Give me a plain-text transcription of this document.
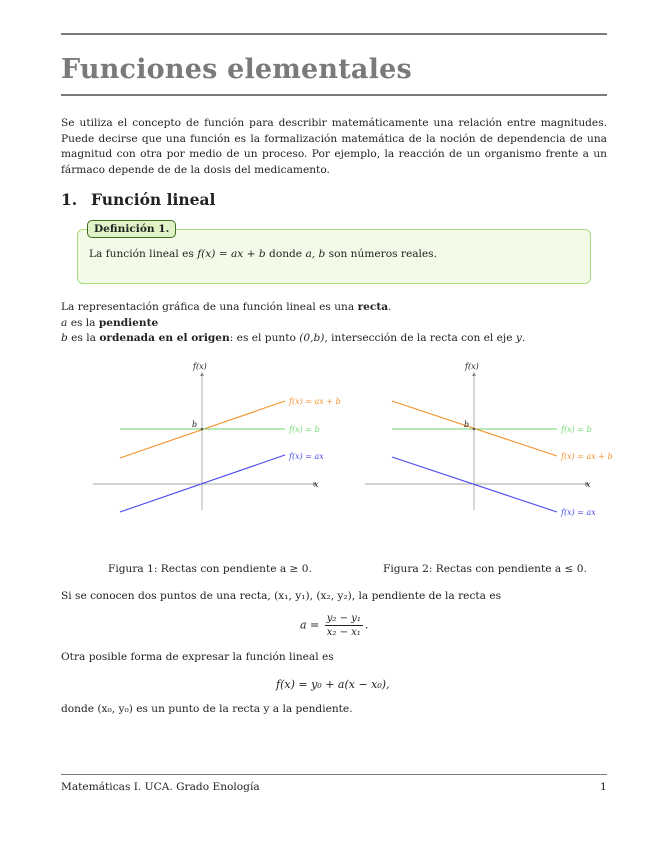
Funciones elementales

Se utiliza el concepto de función para describir matemáticamente una relación entre magnitudes. Puede decirse que una función es la formalización matemática de la noción de dependencia de una magnitud con otra por medio de un proceso. Por ejemplo, la reacción de un organismo frente a un fármaco depende de de la dosis del medicamento.

1. Función lineal
Definición 1.

La función lineal es f(x) = ax + b donde a, b son números reales.

La representación gráfica de una función lineal es una recta.

a es la pendiente

b es la ordenada en el origen: es el punto (0,b), intersección de la recta con el eje y.

f(x)
x
b
f(x) = ax + b
f(x) = b
f(x) = ax
f(x)
x
b
f(x) = b
f(x) = ax + b
f(x) = ax
Figura 1: Rectas con pendiente a ≥ 0.	Figura 2: Rectas con pendiente a ≤ 0.

Si se conocen dos puntos de una recta, (x₁, y₁), (x₂, y₂), la pendiente de la recta es

$a = \frac{\text{y₂ − y₁}}{\text{x₂ − x₁}}$ .

Otra posible forma de expresar la función lineal es

f(x) = y₀ + a(x − x₀),

donde (x₀, y₀) es un punto de la recta y a la pendiente.

Matemáticas I. UCA. Grado Enología	1
